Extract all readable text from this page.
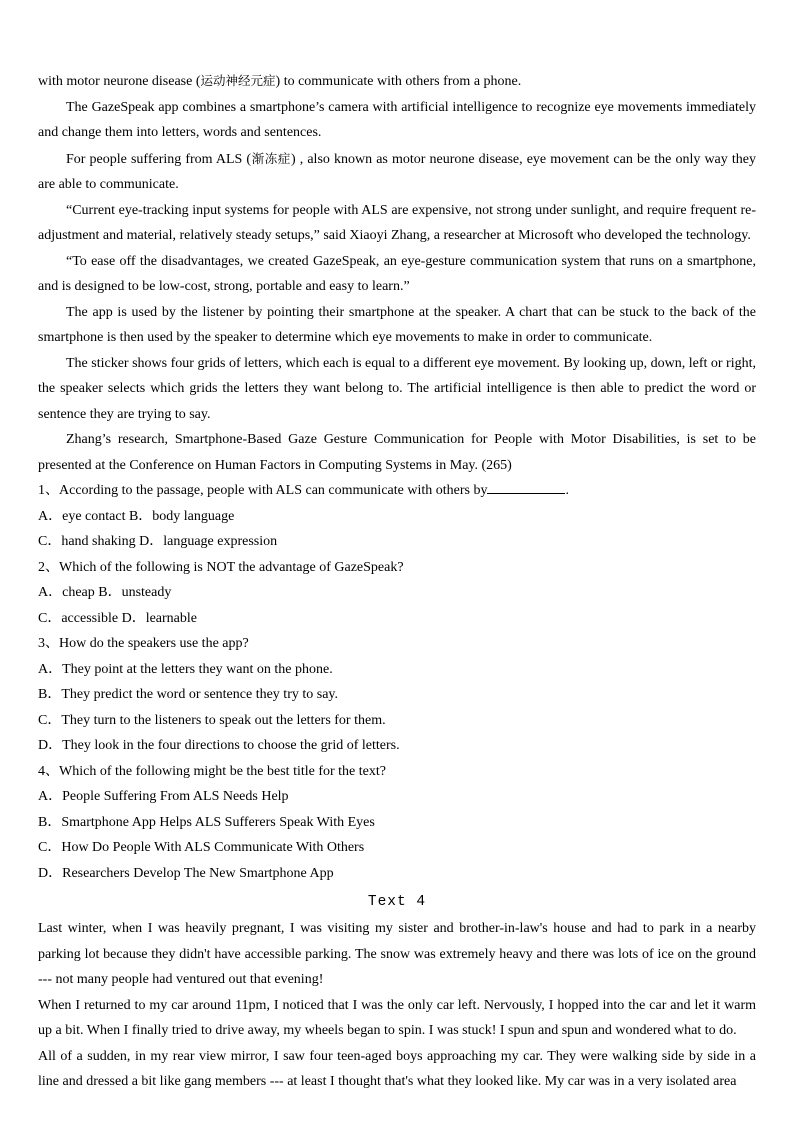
with motor neurone disease (运动神经元症) to communicate with others from a phone.

The GazeSpeak app combines a smartphone’s camera with artificial intelligence to recognize eye movements immediately and change them into letters, words and sentences.

For people suffering from ALS (渐冻症) , also known as motor neurone disease, eye movement can be the only way they are able to communicate.

“Current eye-tracking input systems for people with ALS are expensive, not strong under sunlight, and require frequent re-adjustment and material, relatively steady setups,” said Xiaoyi Zhang, a researcher at Microsoft who developed the technology.

“To ease off the disadvantages, we created GazeSpeak, an eye-gesture communication system that runs on a smartphone, and is designed to be low-cost, strong, portable and easy to learn.”

The app is used by the listener by pointing their smartphone at the speaker. A chart that can be stuck to the back of the smartphone is then used by the speaker to determine which eye movements to make in order to communicate.

The sticker shows four grids of letters, which each is equal to a different eye movement. By looking up, down, left or right, the speaker selects which grids the letters they want belong to. The artificial intelligence is then able to predict the word or sentence they are trying to say.

Zhang’s research, Smartphone-Based Gaze Gesture Communication for People with Motor Disabilities, is set to be presented at the Conference on Human Factors in Computing Systems in May. (265)

1、According to the passage, people with ALS can communicate with others by	.

A．eye contact B．body language

C．hand shaking D．language expression

2、Which of the following is NOT the advantage of GazeSpeak?

A．cheap B．unsteady

C．accessible D．learnable

3、How do the speakers use the app?

A．They point at the letters they want on the phone.

B．They predict the word or sentence they try to say.

C．They turn to the listeners to speak out the letters for them.

D．They look in the four directions to choose the grid of letters.

4、Which of the following might be the best title for the text?

A．People Suffering From ALS Needs Help

B．Smartphone App Helps ALS Sufferers Speak With Eyes

C．How Do People With ALS Communicate With Others

D．Researchers Develop The New Smartphone App

Text 4

Last winter, when I was heavily pregnant, I was visiting my sister and brother-in-law's house and had to park in a nearby parking lot because they didn't have accessible parking. The snow was extremely heavy and there was lots of ice on the ground --- not many people had ventured out that evening!

When I returned to my car around 11pm, I noticed that I was the only car left. Nervously, I hopped into the car and let it warm up a bit. When I finally tried to drive away, my wheels began to spin. I was stuck! I spun and spun and wondered what to do.

All of a sudden, in my rear view mirror, I saw four teen-aged boys approaching my car. They were walking side by side in a line and dressed a bit like gang members --- at least I thought that's what they looked like. My car was in a very isolated area
